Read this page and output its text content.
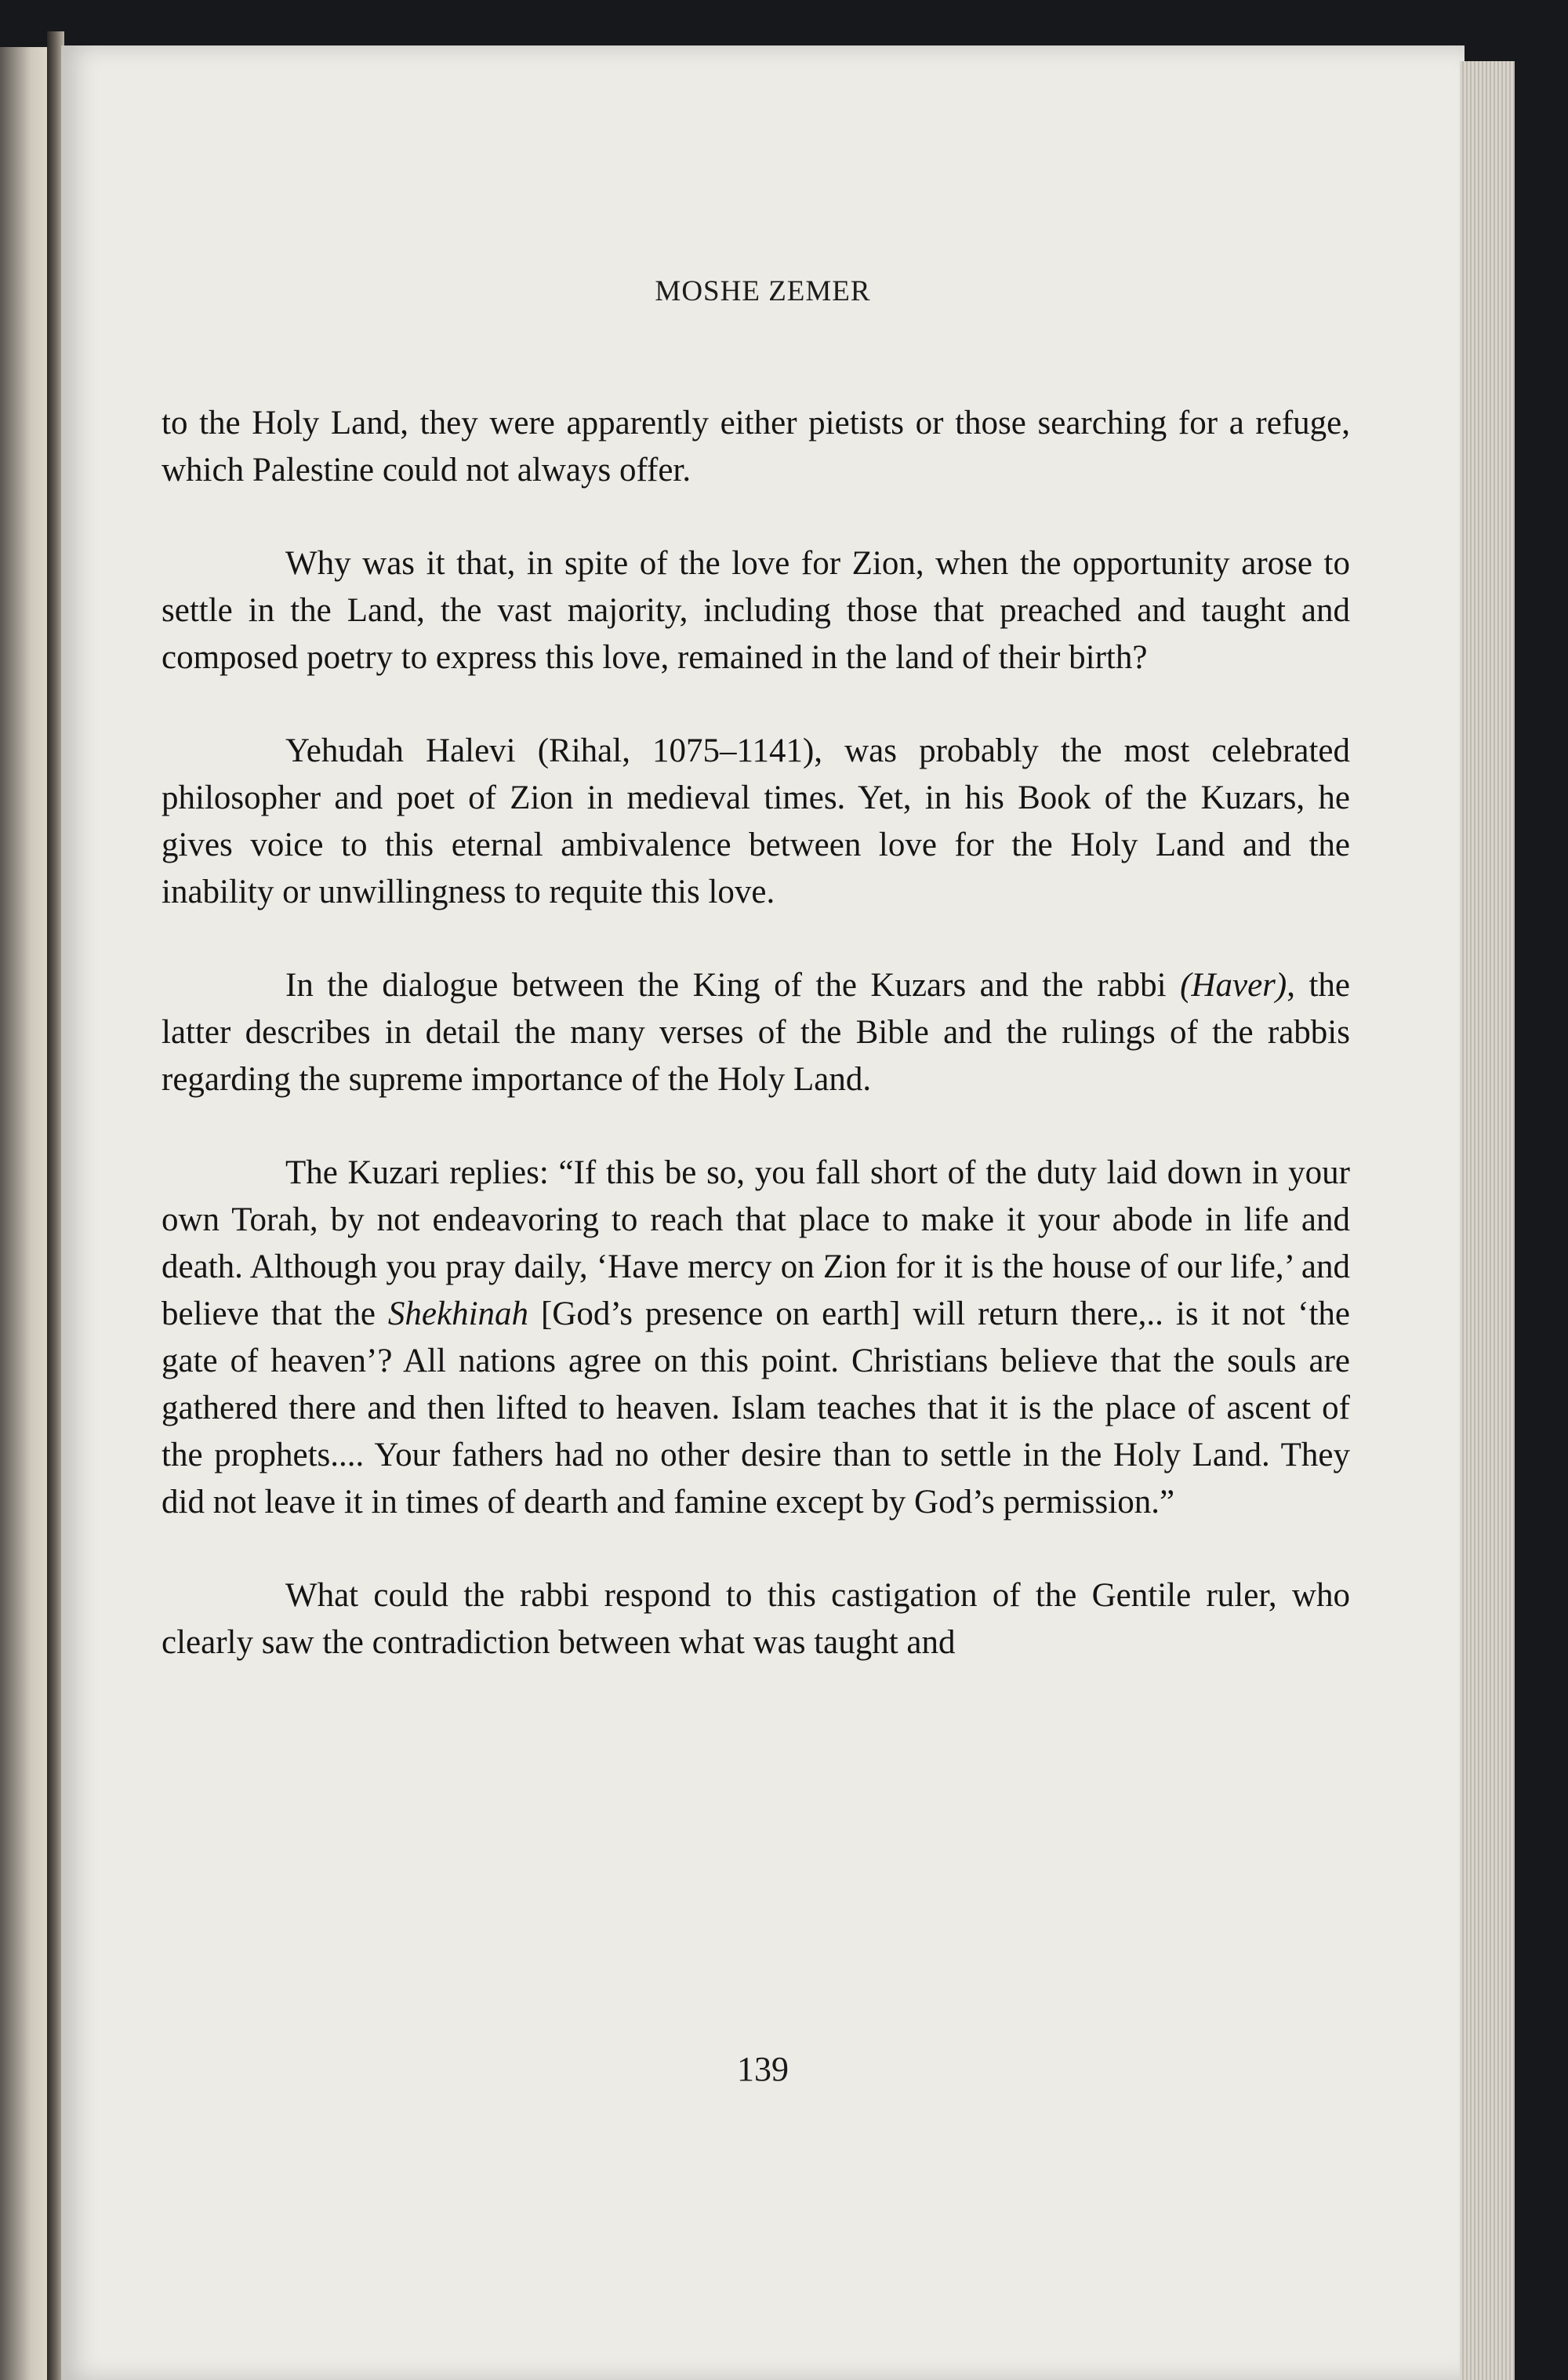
MOSHE ZEMER

to the Holy Land, they were apparently either pietists or those searching for a refuge, which Palestine could not always offer.

Why was it that, in spite of the love for Zion, when the opportunity arose to settle in the Land, the vast majority, including those that preached and taught and composed poetry to express this love, remained in the land of their birth?

Yehudah Halevi (Rihal, 1075–1141), was probably the most celebrated philosopher and poet of Zion in medieval times. Yet, in his Book of the Kuzars, he gives voice to this eternal ambivalence between love for the Holy Land and the inability or unwillingness to requite this love.

In the dialogue between the King of the Kuzars and the rabbi (Haver), the latter describes in detail the many verses of the Bible and the rulings of the rabbis regarding the supreme importance of the Holy Land.

The Kuzari replies: “If this be so, you fall short of the duty laid down in your own Torah, by not endeavoring to reach that place to make it your abode in life and death. Although you pray daily, ‘Have mercy on Zion for it is the house of our life,’ and believe that the Shekhinah [God’s presence on earth] will return there,.. is it not ‘the gate of heaven’? All nations agree on this point. Christians believe that the souls are gathered there and then lifted to heaven. Islam teaches that it is the place of ascent of the prophets.... Your fathers had no other desire than to settle in the Holy Land. They did not leave it in times of dearth and famine except by God’s permission.”

What could the rabbi respond to this castigation of the Gentile ruler, who clearly saw the contradiction between what was taught and

139
